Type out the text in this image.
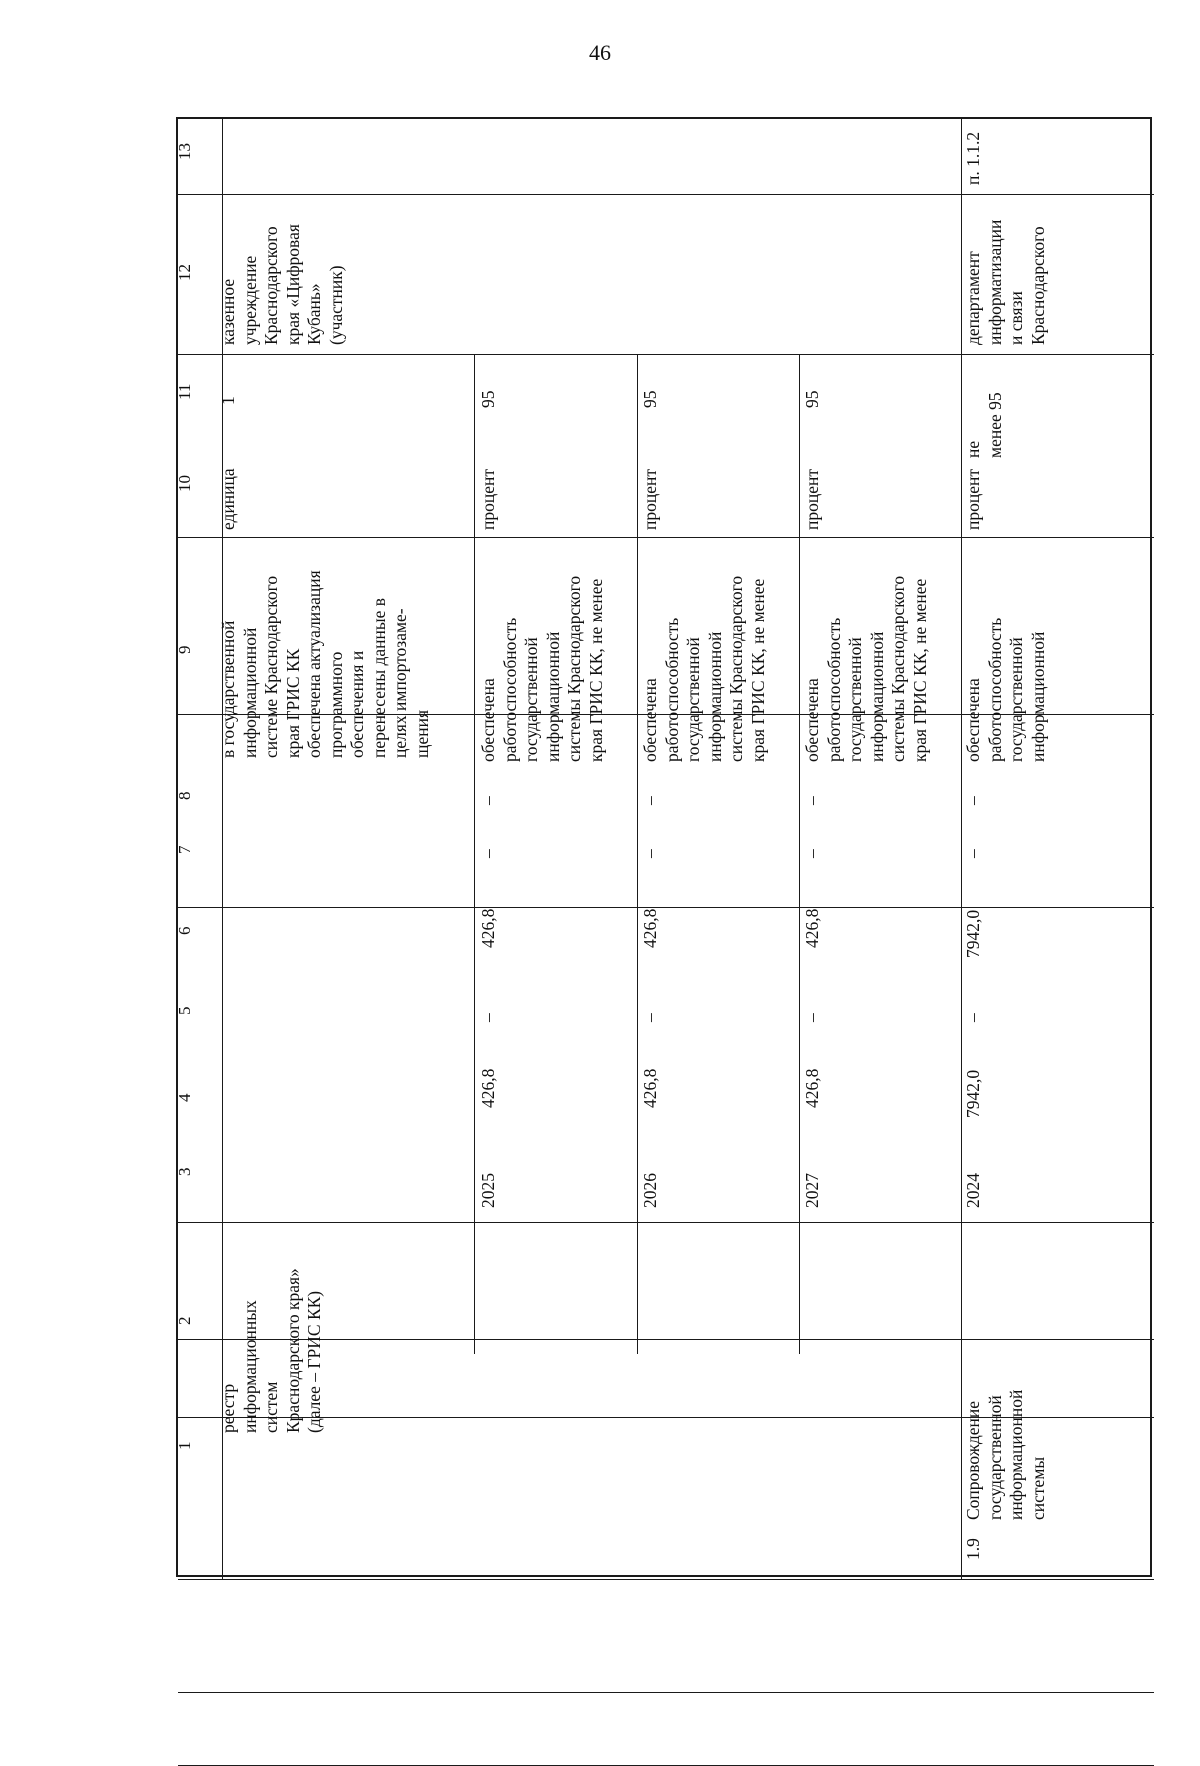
46
1
2
3
4
5
6
7
8
9
10
11
12
13
реестр информационных систем Краснодарского края» (далее – ГРИС КК)
в государственной информационной системе Краснодарского края ГРИС КК обеспечена актуализация программного обеспечения и перенесены данные в целях импортозаме- щения
единица
1
казенное учреждение Краснодарского края «Цифровая Кубань» (участник)
2025
426,8
–
426,8
–
–
обеспечена работоспособность государственной информационной системы Краснодарского края ГРИС КК, не менее
процент
95
2026
426,8
–
426,8
–
–
обеспечена работоспособность государственной информационной системы Краснодарского края ГРИС КК, не менее
процент
95
2027
426,8
–
426,8
–
–
обеспечена работоспособность государственной информационной системы Краснодарского края ГРИС КК, не менее
процент
95
1.9
Сопровождение государственной информационной системы
2024
7942,0
–
7942,0
–
–
обеспечена работоспособность государственной информационной
процент
не менее 95
департамент информатизации и связи Краснодарского
п. 1.1.2
